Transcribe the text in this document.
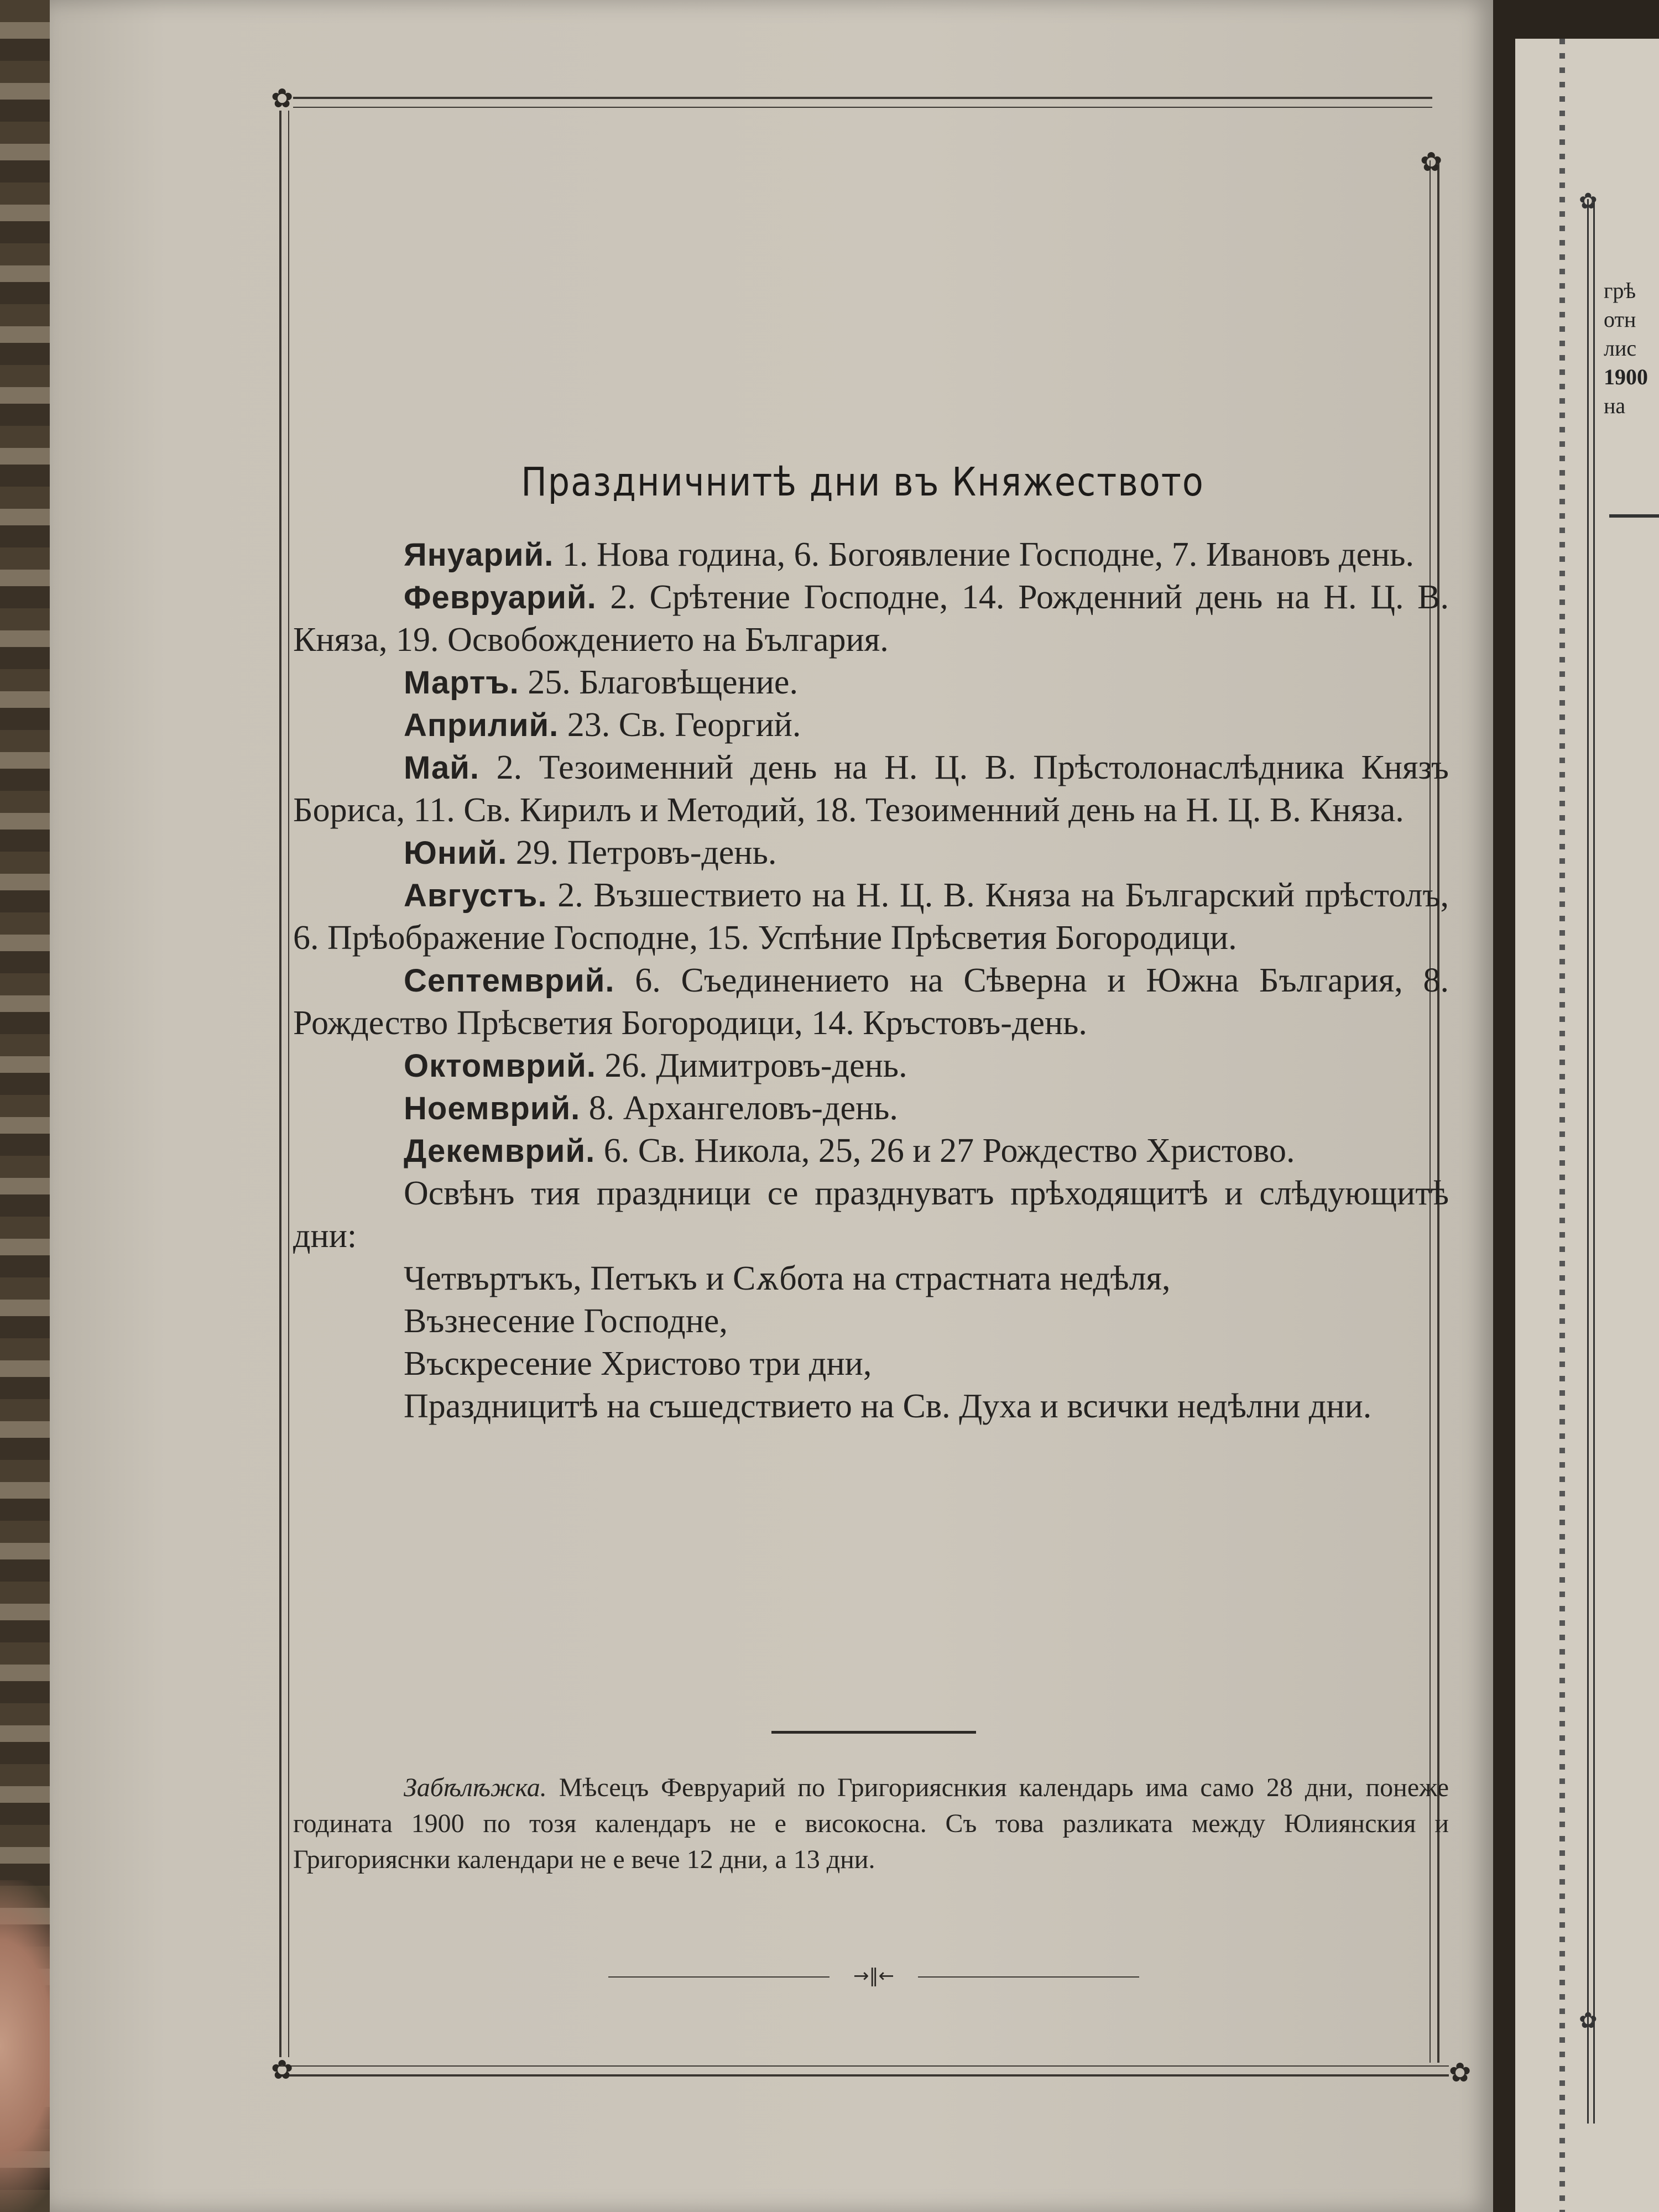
✿
✿
грѣ
отн
лис
1900
на
✿
✿
✿	✿
Праздничнитѣ дни въ Княжеството

Януарий. 1. Нова година, 6. Богоявление Господне, 7. Ивановъ день.

Февруарий. 2. Срѣтение Господне, 14. Рожденний день на Н. Ц. В. Княза, 19. Освобождението на България.

Мартъ. 25. Благовѣщение.

Априлий. 23. Св. Георгий.

Май. 2. Тезоименний день на Н. Ц. В. Прѣстолонаслѣдника Князъ Бориса, 11. Св. Кирилъ и Методий, 18. Тезоименний день на Н. Ц. В. Княза.

Юний. 29. Петровъ-день.

Августъ. 2. Възшествието на Н. Ц. В. Княза на Българский прѣстолъ, 6. Прѣображение Господне, 15. Успѣние Прѣсветия Богородици.

Септемврий. 6. Съединението на Сѣверна и Южна България, 8. Рождество Прѣсветия Богородици, 14. Кръстовъ-день.

Октомврий. 26. Димитровъ-день.

Ноемврий. 8. Архангеловъ-день.

Декемврий. 6. Св. Никола, 25, 26 и 27 Рождество Христово.

Освѣнъ тия праздници се празднуватъ прѣходящитѣ и слѣдующитѣ дни:

Четвъртъкъ, Петъкъ и Сѫбота на страстната недѣля,

Възнесение Господне,

Въскресение Христово три дни,

Праздницитѣ на съшедствието на Св. Духа и всички недѣлни дни.

Забѣлѣжка. Мѣсецъ Февруарий по Григорияснкия календарь има само 28 дни, понеже годината 1900 по тозя календаръ не е високосна. Съ това разликата между Юлиянския и Григорияснки календари не е вече 12 дни, а 13 дни.

→‖←
